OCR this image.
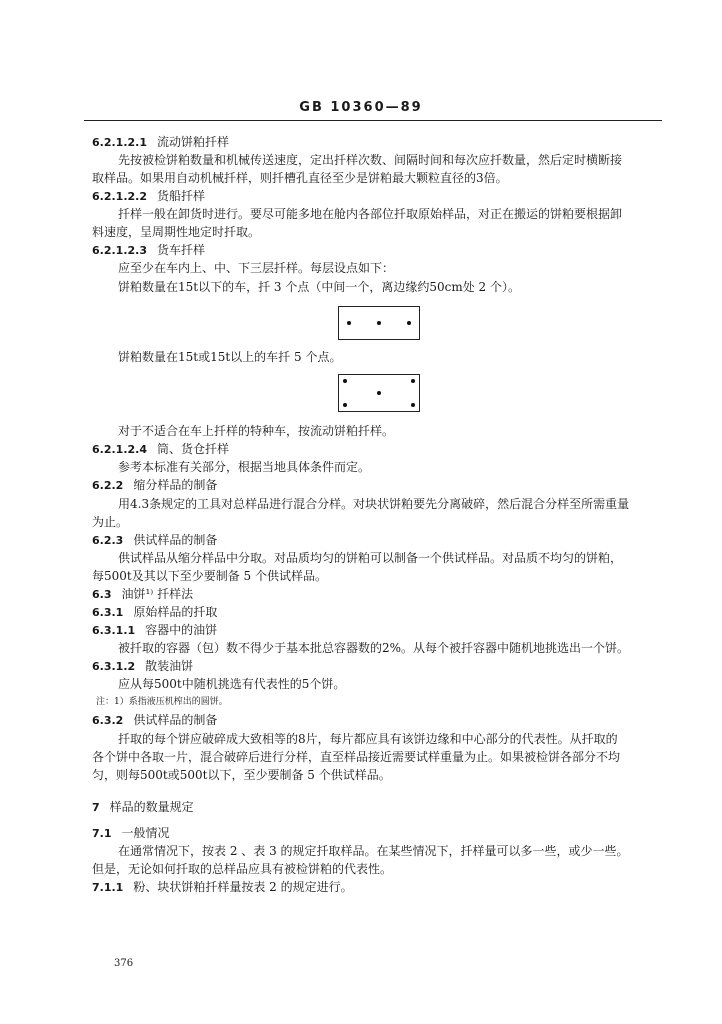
GB 10360—89
6.2.1.2.1 流动饼粕扦样
先按被检饼粕数量和机械传送速度，定出扦样次数、间隔时间和每次应扦数量，然后定时横断接
取样品。如果用自动机械扦样，则扦槽孔直径至少是饼粕最大颗粒直径的3倍。
6.2.1.2.2 货船扦样
扦样一般在卸货时进行。要尽可能多地在舱内各部位扦取原始样品，对正在搬运的饼粕要根据卸
料速度，呈周期性地定时扦取。
6.2.1.2.3 货车扦样
应至少在车内上、中、下三层扦样。每层设点如下：
饼粕数量在15t以下的车，扦 3 个点（中间一个，离边缘约50cm处 2 个）。
饼粕数量在15t或15t以上的车扦 5 个点。
对于不适合在车上扦样的特种车，按流动饼粕扦样。
6.2.1.2.4 筒、货仓扦样
参考本标准有关部分，根据当地具体条件而定。
6.2.2 缩分样品的制备
用4.3条规定的工具对总样品进行混合分样。对块状饼粕要先分离破碎，然后混合分样至所需重量
为止。
6.2.3 供试样品的制备
供试样品从缩分样品中分取。对品质均匀的饼粕可以制备一个供试样品。对品质不均匀的饼粕，
每500t及其以下至少要制备 5 个供试样品。
6.3 油饼¹⁾ 扦样法
6.3.1 原始样品的扦取
6.3.1.1 容器中的油饼
被扦取的容器（包）数不得少于基本批总容器数的2%。从每个被扦容器中随机地挑选出一个饼。
6.3.1.2 散装油饼
应从每500t中随机挑选有代表性的5个饼。
注：1）系指液压机榨出的圆饼。
6.3.2 供试样品的制备
扦取的每个饼应破碎成大致相等的8片，每片都应具有该饼边缘和中心部分的代表性。从扦取的
各个饼中各取一片，混合破碎后进行分样，直至样品接近需要试样重量为止。如果被检饼各部分不均
匀，则每500t或500t以下，至少要制备 5 个供试样品。
7 样品的数量规定
7.1 一般情况
在通常情况下，按表 2 、表 3 的规定扦取样品。在某些情况下，扦样量可以多一些，或少一些。
但是，无论如何扦取的总样品应具有被检饼粕的代表性。
7.1.1 粉、块状饼粕扦样量按表 2 的规定进行。
376
